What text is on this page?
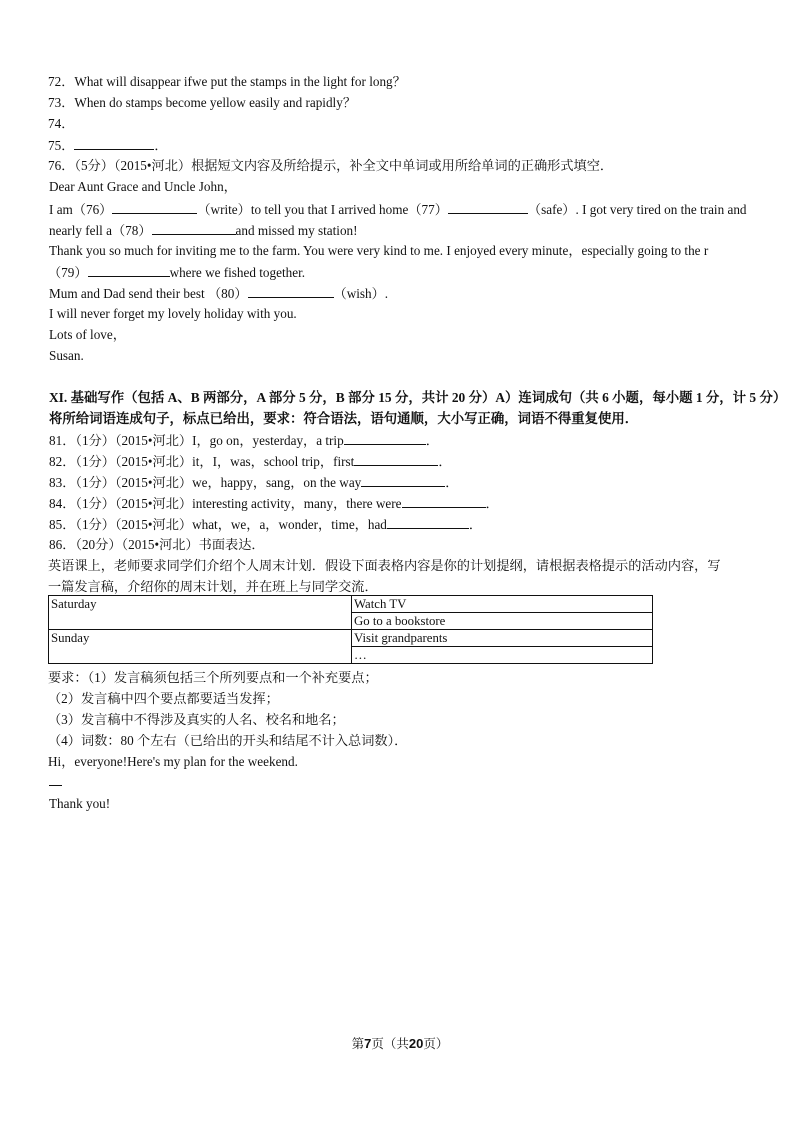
72．What will disappear ifwe put the stamps in the light for long？
73．When do stamps become yellow easily and rapidly？
74．
75．	．
76．（5分）（2015•河北）根据短文内容及所给提示，补全文中单词或用所给单词的正确形式填空．
Dear Aunt Grace and Uncle John，
I am（76）	（write）to tell you that I arrived home（77）	（safe）. I got very tired on the train and
nearly fell a（78）	and missed my station!
Thank you so much for inviting me to the farm. You were very kind to me. I enjoyed every minute，especially going to the r
（79）	where we fished together.
Mum and Dad send their best （80）	（wish）.
I will never forget my lovely holiday with you.
Lots of love，
Susan.
XI. 基础写作（包括 A、B 两部分，A 部分 5 分，B 部分 15 分，共计 20 分）A）连词成句（共 6 小题，每小题 1 分，计 5 分）
将所给词语连成句子，标点已给出，要求：符合语法，语句通顺，大小写正确，词语不得重复使用．
81．（1分）（2015•河北）I，go on，yesterday，a trip	．
82．（1分）（2015•河北）it，I，was，school trip，first	．
83．（1分）（2015•河北）we，happy，sang，on the way	．
84．（1分）（2015•河北）interesting activity，many，there were	．
85．（1分）（2015•河北）what，we，a，wonder，time，had	．
86．（20分）（2015•河北）书面表达．
英语课上，老师要求同学们介绍个人周末计划．假设下面表格内容是你的计划提纲，请根据表格提示的活动内容，写
一篇发言稿，介绍你的周末计划，并在班上与同学交流．
Saturday	Watch TV
	Go to a bookstore
Sunday	Visit grandparents
	…
要求：（1）发言稿须包括三个所列要点和一个补充要点；
（2）发言稿中四个要点都要适当发挥；
（3）发言稿中不得涉及真实的人名、校名和地名；
（4）词数：80 个左右（已给出的开头和结尾不计入总词数）．
Hi，everyone!Here's my plan for the weekend.
Thank you!
第7页（共20页）
